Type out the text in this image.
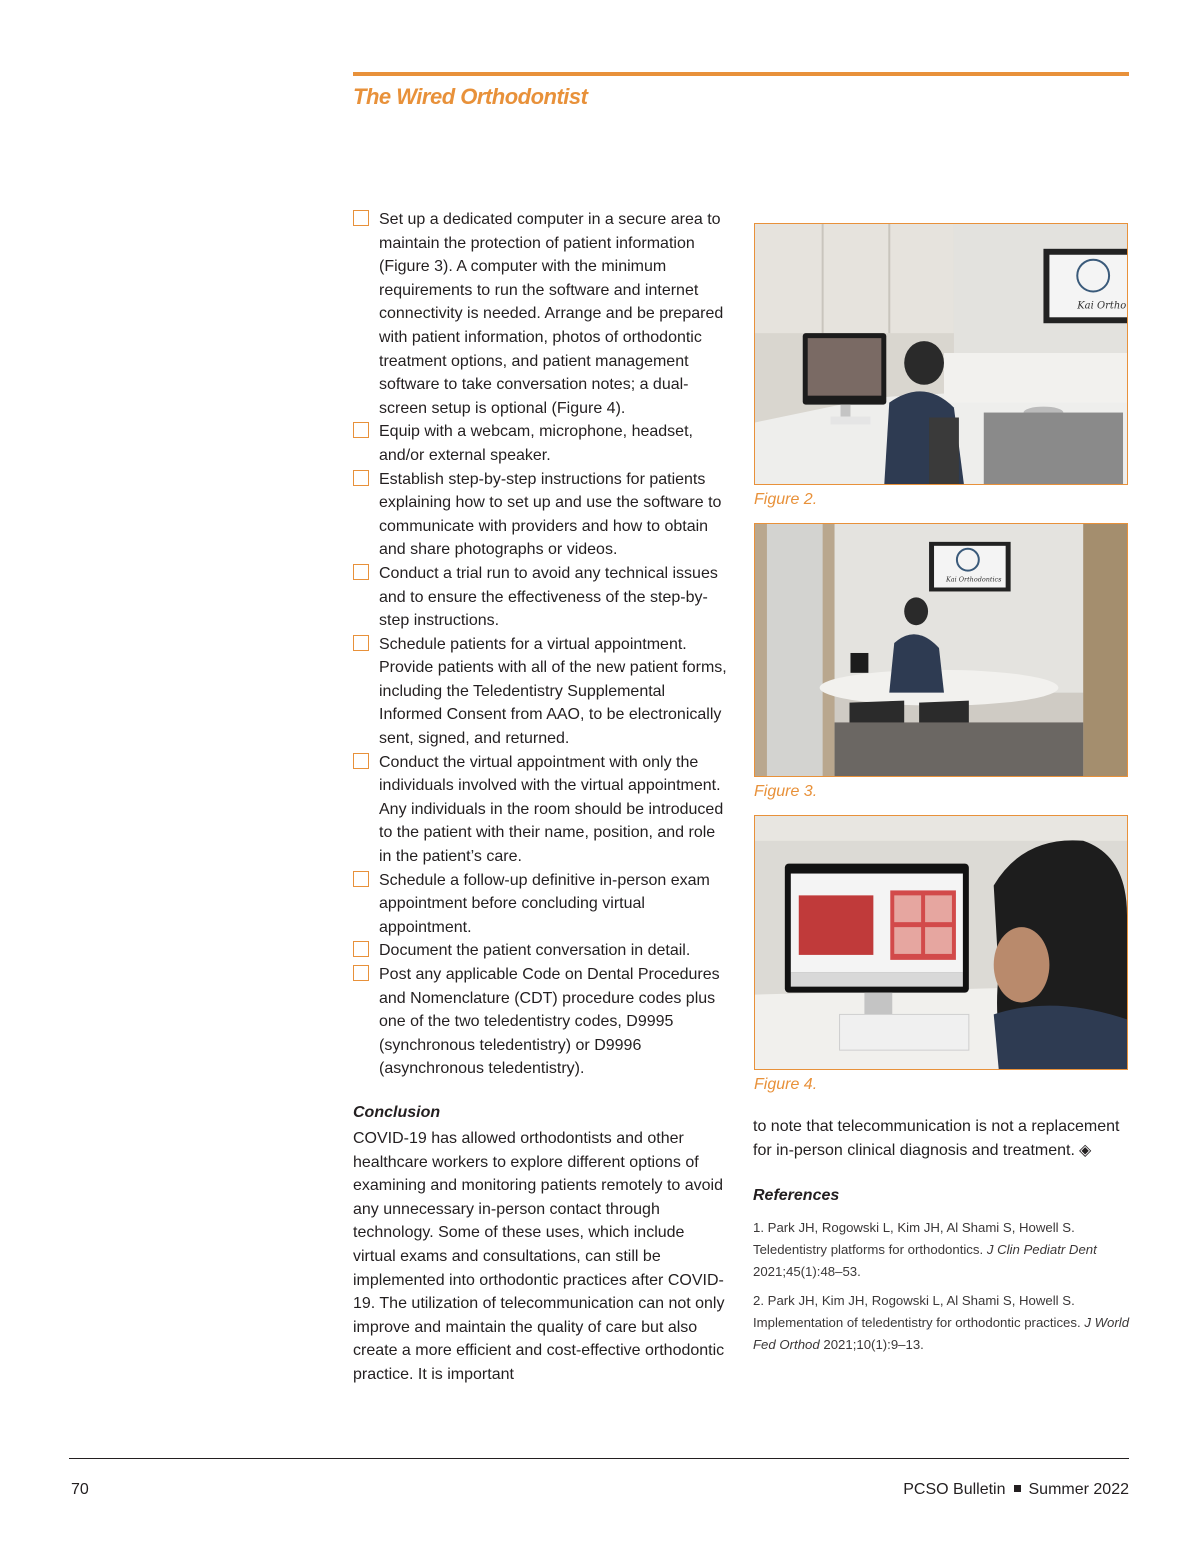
The Wired Orthodontist
Set up a dedicated computer in a secure area to maintain the protection of patient information (Figure 3). A computer with the minimum requirements to run the software and internet connectivity is needed. Arrange and be prepared with patient information, photos of orthodontic treatment options, and patient management software to take conversation notes; a dual-screen setup is optional (Figure 4).
Equip with a webcam, microphone, headset, and/or external speaker.
Establish step-by-step instructions for patients explaining how to set up and use the software to communicate with providers and how to obtain and share photographs or videos.
Conduct a trial run to avoid any technical issues and to ensure the effectiveness of the step-by-step instructions.
Schedule patients for a virtual appointment. Provide patients with all of the new patient forms, including the Teledentistry Supplemental Informed Consent from AAO, to be electronically sent, signed, and returned.
Conduct the virtual appointment with only the individuals involved with the virtual appointment. Any individuals in the room should be introduced to the patient with their name, position, and role in the patient’s care.
Schedule a follow-up definitive in-person exam appointment before concluding virtual appointment.
Document the patient conversation in detail.
Post any applicable Code on Dental Procedures and Nomenclature (CDT) procedure codes plus one of the two teledentistry codes, D9995 (synchronous teledentistry) or D9996 (asynchronous teledentistry).
Conclusion

COVID-19 has allowed orthodontists and other healthcare workers to explore different options of examining and monitoring patients remotely to avoid any unnecessary in-person contact through technology. Some of these uses, which include virtual exams and consultations, can still be implemented into orthodontic practices after COVID-19. The utilization of telecommunication can not only improve and maintain the quality of care but also create a more efficient and cost-effective orthodontic practice. It is important

Kai Ortho
Figure 2.
Kai Orthodontics
Figure 3.
Figure 4.

to note that telecommunication is not a replacement for in-person clinical diagnosis and treatment. ◈

References

1. Park JH, Rogowski L, Kim JH, Al Shami S, Howell S. Teledentistry platforms for orthodontics. J Clin Pediatr Dent 2021;45(1):48–53.

2. Park JH, Kim JH, Rogowski L, Al Shami S, Howell S. Implementation of teledentistry for orthodontic practices. J World Fed Orthod 2021;10(1):9–13.

70	PCSO Bulletin Summer 2022
